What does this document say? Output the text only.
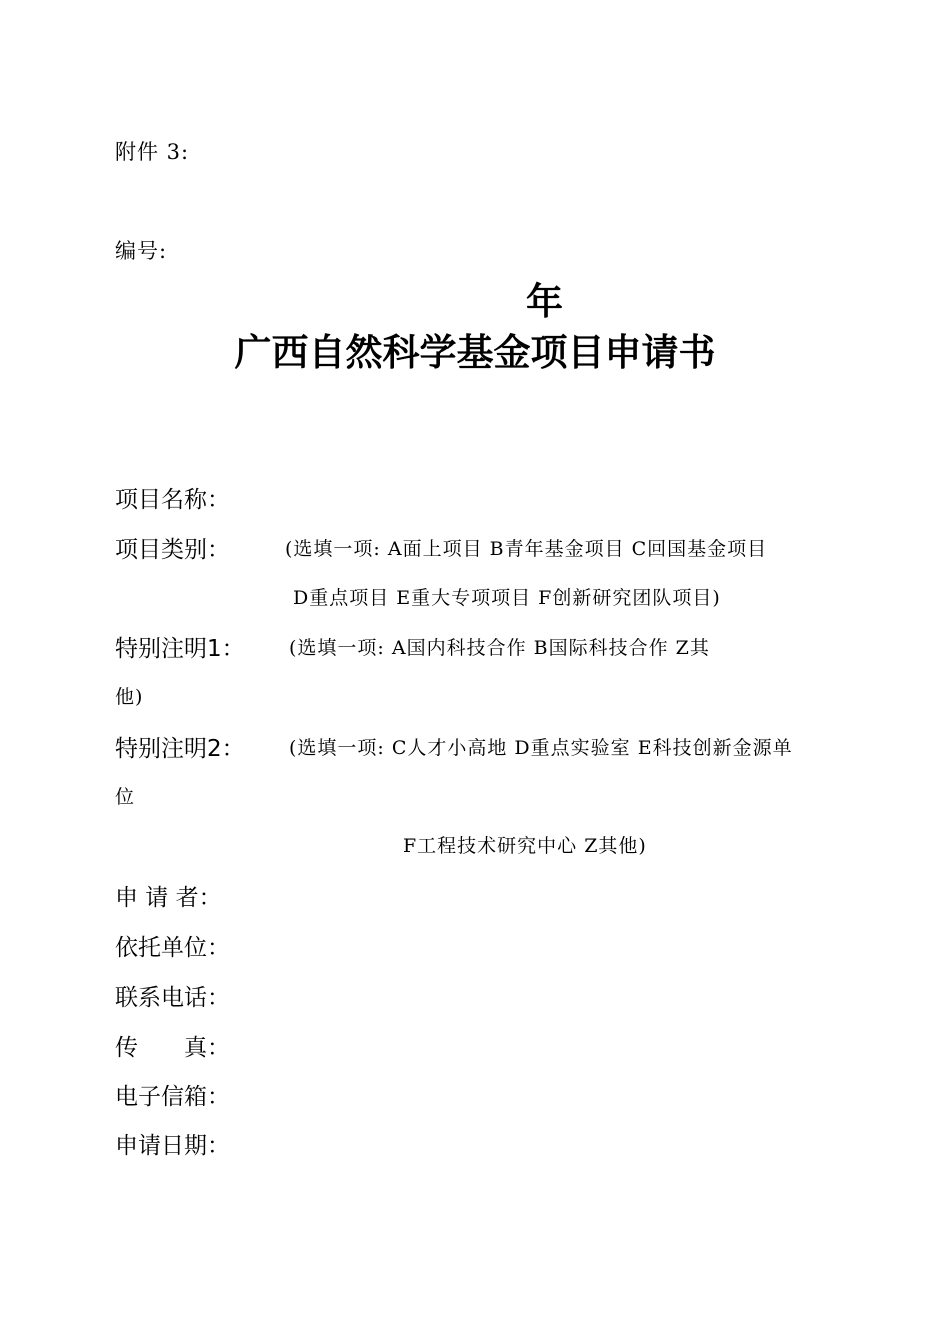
附件 3:
编号:
年
广西自然科学基金项目申请书
项目名称：
项目类别：	(选填一项: A面上项目 B青年基金项目 C回国基金项目
D重点项目 E重大专项项目 F创新研究团队项目)
特别注明1： (选填一项: A国内科技合作 B国际科技合作 Z其
他)
特别注明2： (选填一项: C人才小高地 D重点实验室 E科技创新金源单
位
F工程技术研究中心 Z其他)
申 请 者：
依托单位：
联系电话：
传　　真：
电子信箱：
申请日期：
